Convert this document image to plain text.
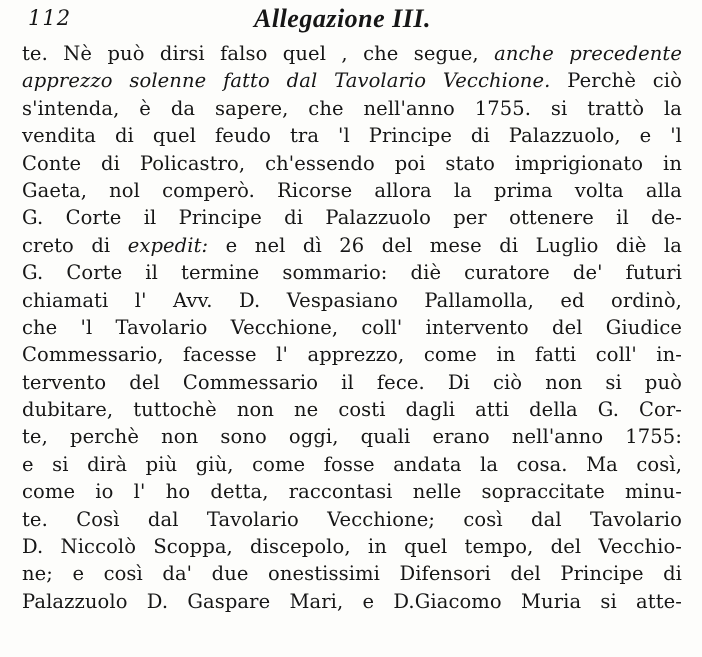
112	Allegazione III.
te. Nè può dirsi falso quel , che segue, anche precedente
apprezzo solenne fatto dal Tavolario Vecchione. Perchè ciò
s'intenda, è da sapere, che nell'anno 1755. si trattò la
vendita di quel feudo tra 'l Principe di Palazzuolo, e 'l
Conte di Policastro, ch'essendo poi stato imprigionato in
Gaeta, nol comperò. Ricorse allora la prima volta alla
G. Corte il Principe di Palazzuolo per ottenere il de-
creto di expedit: e nel dì 26 del mese di Luglio diè la
G. Corte il termine sommario: diè curatore de' futuri
chiamati l' Avv. D. Vespasiano Pallamolla, ed ordinò,
che 'l Tavolario Vecchione, coll' intervento del Giudice
Commessario, facesse l' apprezzo, come in fatti coll' in-
tervento del Commessario il fece. Di ciò non si può
dubitare, tuttochè non ne costi dagli atti della G. Cor-
te, perchè non sono oggi, quali erano nell'anno 1755:
e si dirà più giù, come fosse andata la cosa. Ma così,
come io l' ho detta, raccontasi nelle sopraccitate minu-
te. Così dal Tavolario Vecchione; così dal Tavolario
D. Niccolò Scoppa, discepolo, in quel tempo, del Vecchio-
ne; e così da' due onestissimi Difensori del Principe di
Palazzuolo D. Gaspare Mari, e D.Giacomo Muria si atte-
